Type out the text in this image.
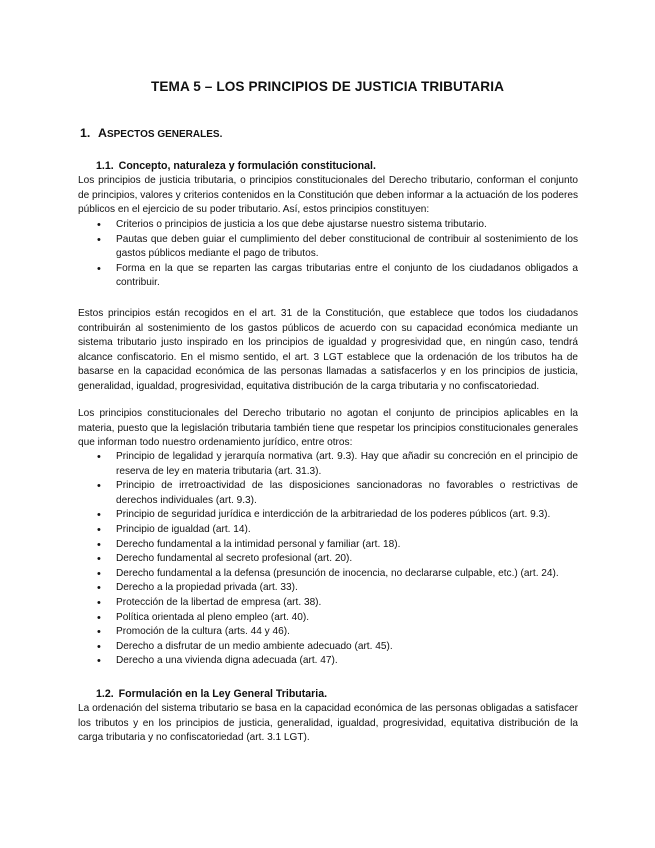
TEMA 5 – LOS PRINCIPIOS DE JUSTICIA TRIBUTARIA
1. ASPECTOS GENERALES.
1.1. Concepto, naturaleza y formulación constitucional.

Los principios de justicia tributaria, o principios constitucionales del Derecho tributario, conforman el conjunto de principios, valores y criterios contenidos en la Constitución que deben informar a la actuación de los poderes públicos en el ejercicio de su poder tributario. Así, estos principios constituyen:

• Criterios o principios de justicia a los que debe ajustarse nuestro sistema tributario.
• Pautas que deben guiar el cumplimiento del deber constitucional de contribuir al sostenimiento de los gastos públicos mediante el pago de tributos.
• Forma en la que se reparten las cargas tributarias entre el conjunto de los ciudadanos obligados a contribuir.

Estos principios están recogidos en el art. 31 de la Constitución, que establece que todos los ciudadanos contribuirán al sostenimiento de los gastos públicos de acuerdo con su capacidad económica mediante un sistema tributario justo inspirado en los principios de igualdad y progresividad que, en ningún caso, tendrá alcance confiscatorio. En el mismo sentido, el art. 3 LGT establece que la ordenación de los tributos ha de basarse en la capacidad económica de las personas llamadas a satisfacerlos y en los principios de justicia, generalidad, igualdad, progresividad, equitativa distribución de la carga tributaria y no confiscatoriedad.

Los principios constitucionales del Derecho tributario no agotan el conjunto de principios aplicables en la materia, puesto que la legislación tributaria también tiene que respetar los principios constitucionales generales que informan todo nuestro ordenamiento jurídico, entre otros:

• Principio de legalidad y jerarquía normativa (art. 9.3). Hay que añadir su concreción en el principio de reserva de ley en materia tributaria (art. 31.3).
• Principio de irretroactividad de las disposiciones sancionadoras no favorables o restrictivas de derechos individuales (art. 9.3).
• Principio de seguridad jurídica e interdicción de la arbitrariedad de los poderes públicos (art. 9.3).
• Principio de igualdad (art. 14).
• Derecho fundamental a la intimidad personal y familiar (art. 18).
• Derecho fundamental al secreto profesional (art. 20).
• Derecho fundamental a la defensa (presunción de inocencia, no declararse culpable, etc.) (art. 24).
• Derecho a la propiedad privada (art. 33).
• Protección de la libertad de empresa (art. 38).
• Política orientada al pleno empleo (art. 40).
• Promoción de la cultura (arts. 44 y 46).
• Derecho a disfrutar de un medio ambiente adecuado (art. 45).
• Derecho a una vivienda digna adecuada (art. 47).
1.2. Formulación en la Ley General Tributaria.

La ordenación del sistema tributario se basa en la capacidad económica de las personas obligadas a satisfacer los tributos y en los principios de justicia, generalidad, igualdad, progresividad, equitativa distribución de la carga tributaria y no confiscatoriedad (art. 3.1 LGT).
